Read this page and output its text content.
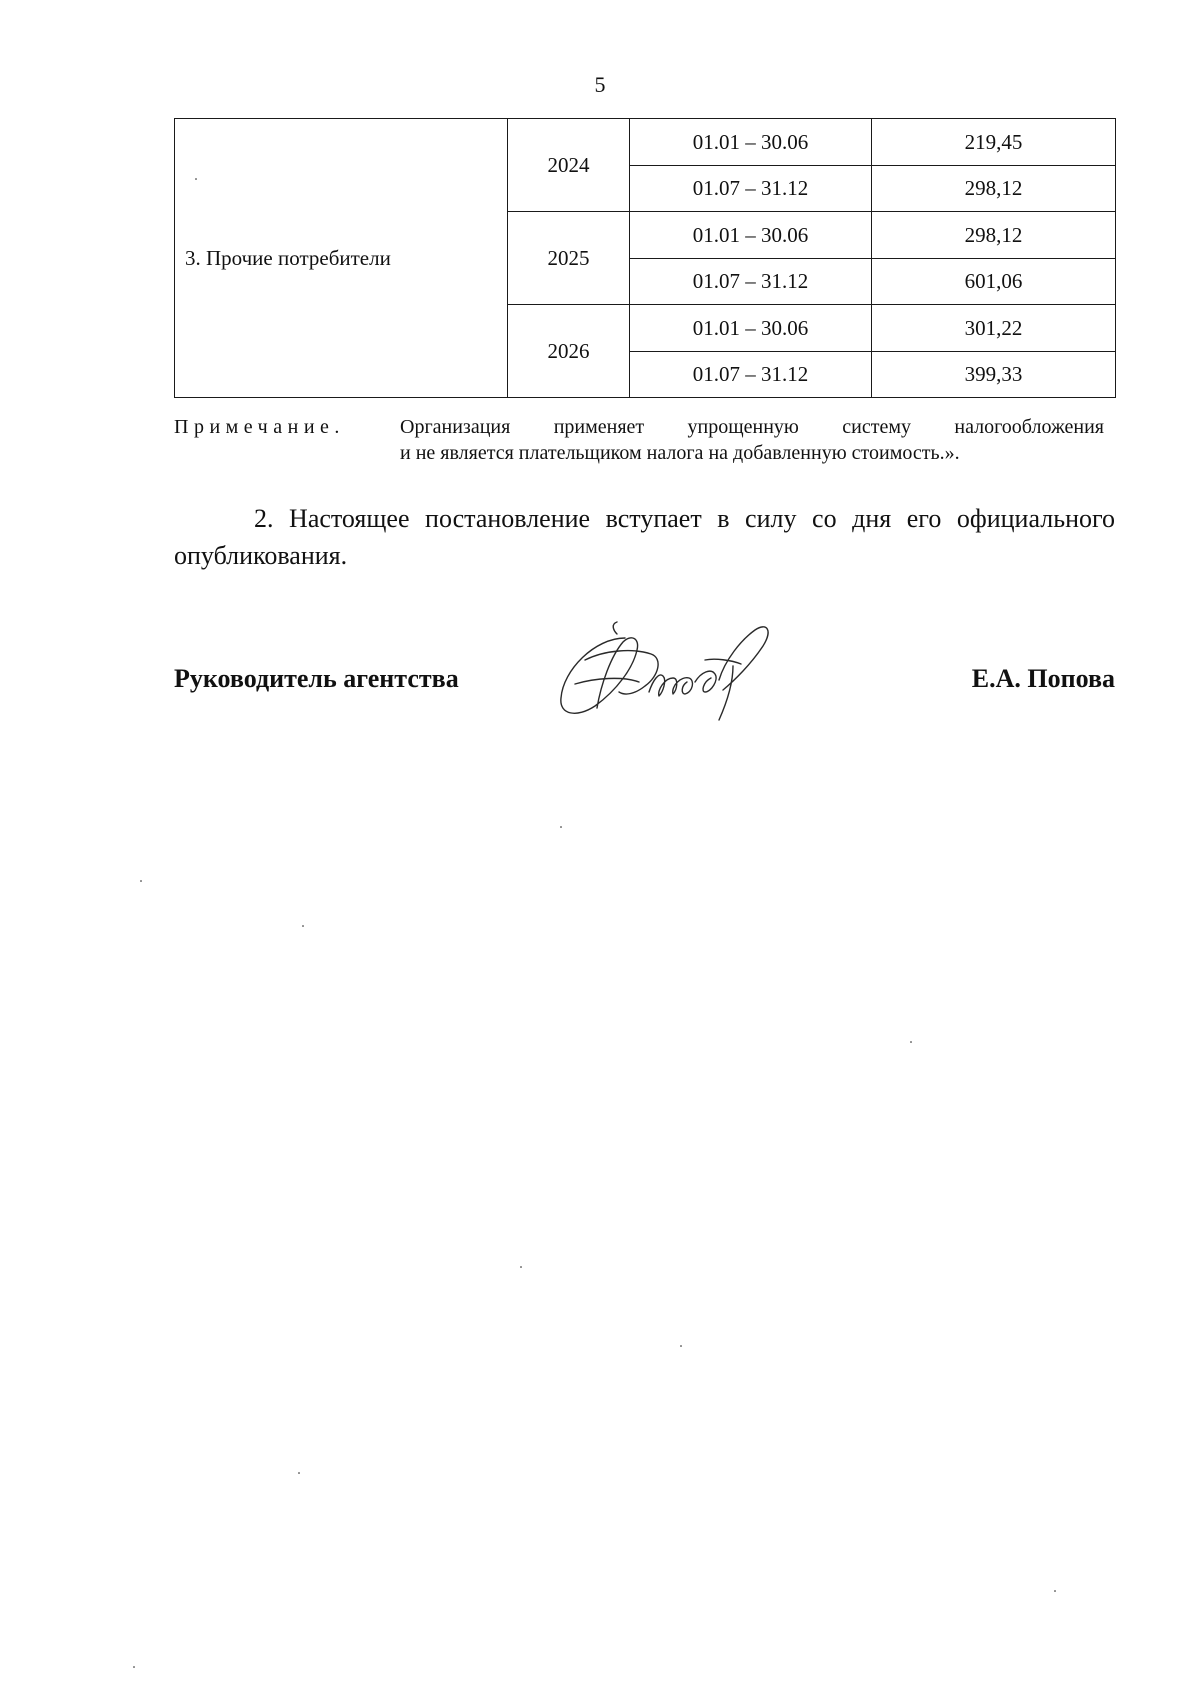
5
3. Прочие потребители	2024	01.01 – 30.06	219,45
		01.07 – 31.12	298,12
	2025	01.01 – 30.06	298,12
		01.07 – 31.12	601,06
	2026	01.01 – 30.06	301,22
		01.07 – 31.12	399,33
Примечание.	Организация применяет упрощенную систему налогообложения
и не является плательщиком налога на добавленную стоимость.».
2. Настоящее постановление вступает в силу со дня его официального опубликования.
Руководитель агентства	Е.А. Попова
